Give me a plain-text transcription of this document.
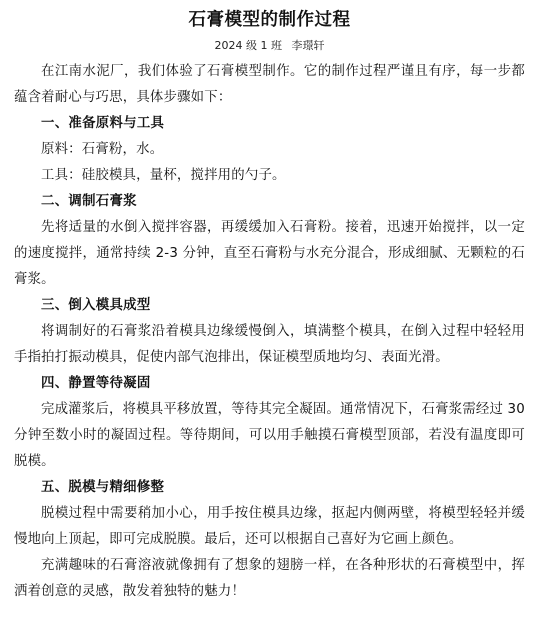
石膏模型的制作过程
2024 级 1 班 李璟轩

在江南水泥厂，我们体验了石膏模型制作。它的制作过程严谨且有序，每一步都蕴含着耐心与巧思，具体步骤如下：

一、准备原料与工具

原料：石膏粉，水。

工具：硅胶模具，量杯，搅拌用的勺子。

二、调制石膏浆

先将适量的水倒入搅拌容器，再缓缓加入石膏粉。接着，迅速开始搅拌，以一定的速度搅拌，通常持续 2-3 分钟，直至石膏粉与水充分混合，形成细腻、无颗粒的石膏浆。

三、倒入模具成型

将调制好的石膏浆沿着模具边缘缓慢倒入，填满整个模具，在倒入过程中轻轻用手指拍打振动模具，促使内部气泡排出，保证模型质地均匀、表面光滑。

四、静置等待凝固

完成灌浆后，将模具平移放置，等待其完全凝固。通常情况下，石膏浆需经过 30 分钟至数小时的凝固过程。等待期间，可以用手触摸石膏模型顶部，若没有温度即可脱模。

五、脱模与精细修整

脱模过程中需要稍加小心，用手按住模具边缘，抠起内侧两壁，将模型轻轻并缓慢地向上顶起，即可完成脱膜。最后，还可以根据自己喜好为它画上颜色。

充满趣味的石膏溶液就像拥有了想象的翅膀一样，在各种形状的石膏模型中，挥洒着创意的灵感，散发着独特的魅力！
